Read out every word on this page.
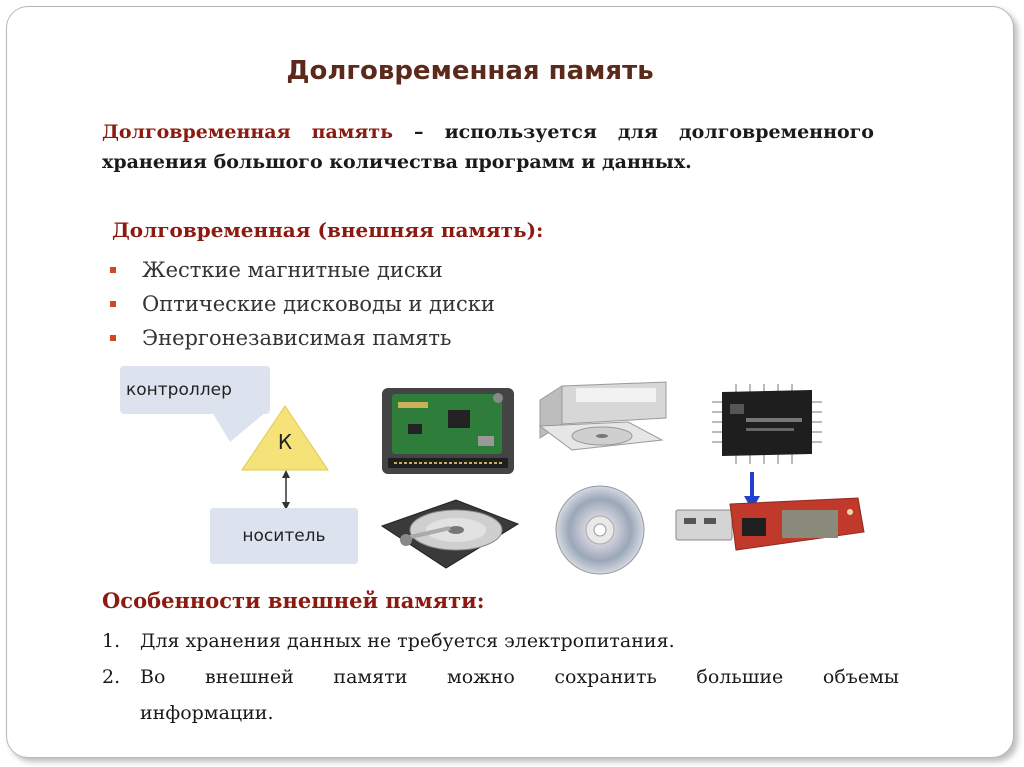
Долговременная память
Долговременная память – используется для долговременного хранения большого количества программ и данных.
Долговременная (внешняя память):
Жесткие магнитные диски
Оптические дисководы и диски
Энергонезависимая память
контроллер
К
носитель
Особенности внешней памяти:
1. Для хранения данных не требуется электропитания.
2. Во внешней памяти можно сохранить большие объемы
информации.
